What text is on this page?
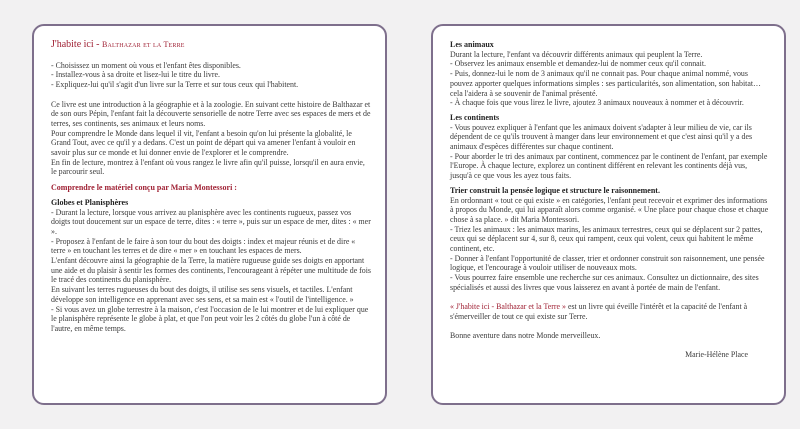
J'habite ici - Balthazar et la Terre

- Choisissez un moment où vous et l'enfant êtes disponibles.

- Installez-vous à sa droite et lisez-lui le titre du livre.

- Expliquez-lui qu'il s'agit d'un livre sur la Terre et sur tous ceux qui l'habitent.

Ce livre est une introduction à la géographie et à la zoologie. En suivant cette histoire de Balthazar et de son ours Pépin, l'enfant fait la découverte sensorielle de notre Terre avec ses espaces de mers et de terres, ses continents, ses animaux et leurs noms.

Pour comprendre le Monde dans lequel il vit, l'enfant a besoin qu'on lui présente la globalité, le Grand Tout, avec ce qu'il y a dedans. C'est un point de départ qui va amener l'enfant à vouloir en savoir plus sur ce monde et lui donner envie de l'explorer et le comprendre.

En fin de lecture, montrez à l'enfant où vous rangez le livre afin qu'il puisse, lorsqu'il en aura envie, le parcourir seul.

Comprendre le matériel conçu par Maria Montessori :

Globes et Planisphères

- Durant la lecture, lorsque vous arrivez au planisphère avec les continents rugueux, passez vos doigts tout doucement sur un espace de terre, dites : « terre », puis sur un espace de mer, dites : « mer ».

- Proposez à l'enfant de le faire à son tour du bout des doigts : index et majeur réunis et de dire « terre » en touchant les terres et de dire « mer » en touchant les espaces de mers.

L'enfant découvre ainsi la géographie de la Terre, la matière rugueuse guide ses doigts en apportant une aide et du plaisir à sentir les formes des continents, l'encourageant à répéter une multitude de fois le tracé des continents du planisphère.

En suivant les terres rugueuses du bout des doigts, il utilise ses sens visuels, et tactiles. L'enfant développe son intelligence en apprenant avec ses sens, et sa main est « l'outil de l'intelligence. »

- Si vous avez un globe terrestre à la maison, c'est l'occasion de le lui montrer et de lui expliquer que le planisphère représente le globe à plat, et que l'on peut voir les 2 côtés du globe l'un à côté de l'autre, en même temps.

Les animaux

Durant la lecture, l'enfant va découvrir différents animaux qui peuplent la Terre.

- Observez les animaux ensemble et demandez-lui de nommer ceux qu'il connait.

- Puis, donnez-lui le nom de 3 animaux qu'il ne connait pas. Pour chaque animal nommé, vous pouvez apporter quelques informations simples : ses particularités, son alimentation, son habitat… cela l'aidera à se souvenir de l'animal présenté.

- À chaque fois que vous lirez le livre, ajoutez 3 animaux nouveaux à nommer et à découvrir.

Les continents

- Vous pouvez expliquer à l'enfant que les animaux doivent s'adapter à leur milieu de vie, car ils dépendent de ce qu'ils trouvent à manger dans leur environnement et que c'est ainsi qu'il y a des animaux d'espèces différentes sur chaque continent.

- Pour aborder le tri des animaux par continent, commencez par le continent de l'enfant, par exemple l'Europe. À chaque lecture, explorez un continent différent en relevant les continents déjà vus, jusqu'à ce que vous les ayez tous faits.

Trier construit la pensée logique et structure le raisonnement.

En ordonnant « tout ce qui existe » en catégories, l'enfant peut recevoir et exprimer des informations à propos du Monde, qui lui apparaît alors comme organisé. « Une place pour chaque chose et chaque chose à sa place. » dit Maria Montessori.

- Triez les animaux : les animaux marins, les animaux terrestres, ceux qui se déplacent sur 2 pattes, ceux qui se déplacent sur 4, sur 8, ceux qui rampent, ceux qui volent, ceux qui habitent le même continent, etc.

- Donner à l'enfant l'opportunité de classer, trier et ordonner construit son raisonnement, une pensée logique, et l'encourage à vouloir utiliser de nouveaux mots.

- Vous pourrez faire ensemble une recherche sur ces animaux. Consultez un dictionnaire, des sites spécialisés et aussi des livres que vous laisserez en avant à portée de main de l'enfant.

« J'habite ici - Balthazar et la Terre » est un livre qui éveille l'intérêt et la capacité de l'enfant à s'émerveiller de tout ce qui existe sur Terre.

Bonne aventure dans notre Monde merveilleux.

Marie-Hélène Place
